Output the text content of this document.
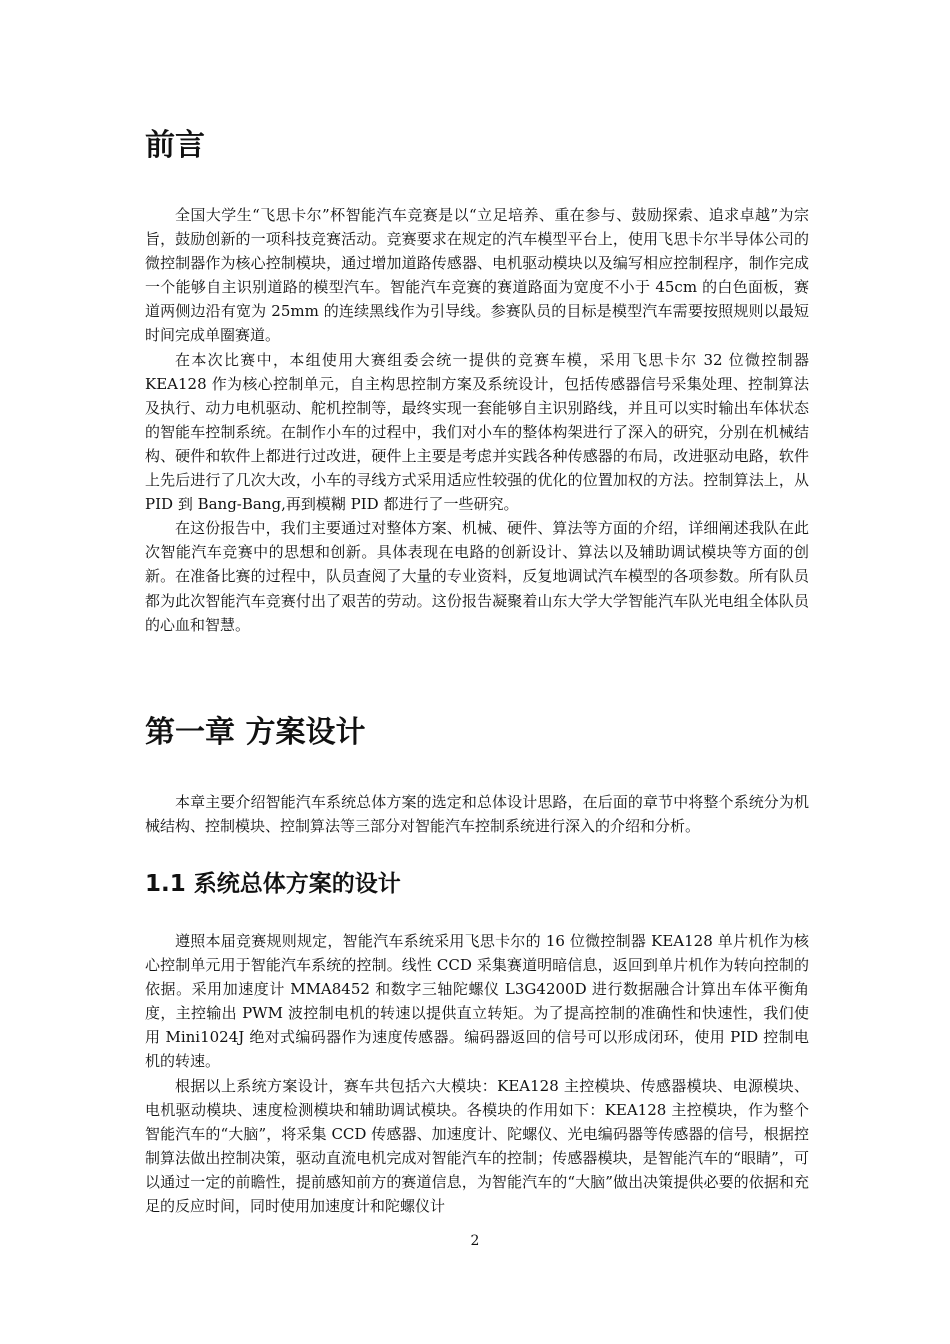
前言

全国大学生“飞思卡尔”杯智能汽车竞赛是以“立足培养、重在参与、鼓励探索、追求卓越”为宗旨，鼓励创新的一项科技竞赛活动。竞赛要求在规定的汽车模型平台上，使用飞思卡尔半导体公司的微控制器作为核心控制模块，通过增加道路传感器、电机驱动模块以及编写相应控制程序，制作完成一个能够自主识别道路的模型汽车。智能汽车竞赛的赛道路面为宽度不小于 45cm 的白色面板，赛道两侧边沿有宽为 25mm 的连续黑线作为引导线。参赛队员的目标是模型汽车需要按照规则以最短时间完成单圈赛道。

在本次比赛中，本组使用大赛组委会统一提供的竞赛车模，采用飞思卡尔 32 位微控制器 KEA128 作为核心控制单元，自主构思控制方案及系统设计，包括传感器信号采集处理、控制算法及执行、动力电机驱动、舵机控制等，最终实现一套能够自主识别路线，并且可以实时输出车体状态的智能车控制系统。在制作小车的过程中，我们对小车的整体构架进行了深入的研究，分别在机械结构、硬件和软件上都进行过改进，硬件上主要是考虑并实践各种传感器的布局，改进驱动电路，软件上先后进行了几次大改，小车的寻线方式采用适应性较强的优化的位置加权的方法。控制算法上，从 PID 到 Bang-Bang,再到模糊 PID 都进行了一些研究。

在这份报告中，我们主要通过对整体方案、机械、硬件、算法等方面的介绍，详细阐述我队在此次智能汽车竞赛中的思想和创新。具体表现在电路的创新设计、算法以及辅助调试模块等方面的创新。在准备比赛的过程中，队员查阅了大量的专业资料，反复地调试汽车模型的各项参数。所有队员都为此次智能汽车竞赛付出了艰苦的劳动。这份报告凝聚着山东大学大学智能汽车队光电组全体队员的心血和智慧。

第一章 方案设计

本章主要介绍智能汽车系统总体方案的选定和总体设计思路，在后面的章节中将整个系统分为机械结构、控制模块、控制算法等三部分对智能汽车控制系统进行深入的介绍和分析。

1.1 系统总体方案的设计

遵照本届竞赛规则规定，智能汽车系统采用飞思卡尔的 16 位微控制器 KEA128 单片机作为核心控制单元用于智能汽车系统的控制。线性 CCD 采集赛道明暗信息，返回到单片机作为转向控制的依据。采用加速度计 MMA8452 和数字三轴陀螺仪 L3G4200D 进行数据融合计算出车体平衡角度，主控输出 PWM 波控制电机的转速以提供直立转矩。为了提高控制的准确性和快速性，我们使用 Mini1024J 绝对式编码器作为速度传感器。编码器返回的信号可以形成闭环，使用 PID 控制电机的转速。

根据以上系统方案设计，赛车共包括六大模块：KEA128 主控模块、传感器模块、电源模块、电机驱动模块、速度检测模块和辅助调试模块。各模块的作用如下：KEA128 主控模块，作为整个智能汽车的“大脑”，将采集 CCD 传感器、加速度计、陀螺仪、光电编码器等传感器的信号，根据控制算法做出控制决策，驱动直流电机完成对智能汽车的控制；传感器模块，是智能汽车的“眼睛”，可以通过一定的前瞻性，提前感知前方的赛道信息，为智能汽车的“大脑”做出决策提供必要的依据和充足的反应时间，同时使用加速度计和陀螺仪计

2
